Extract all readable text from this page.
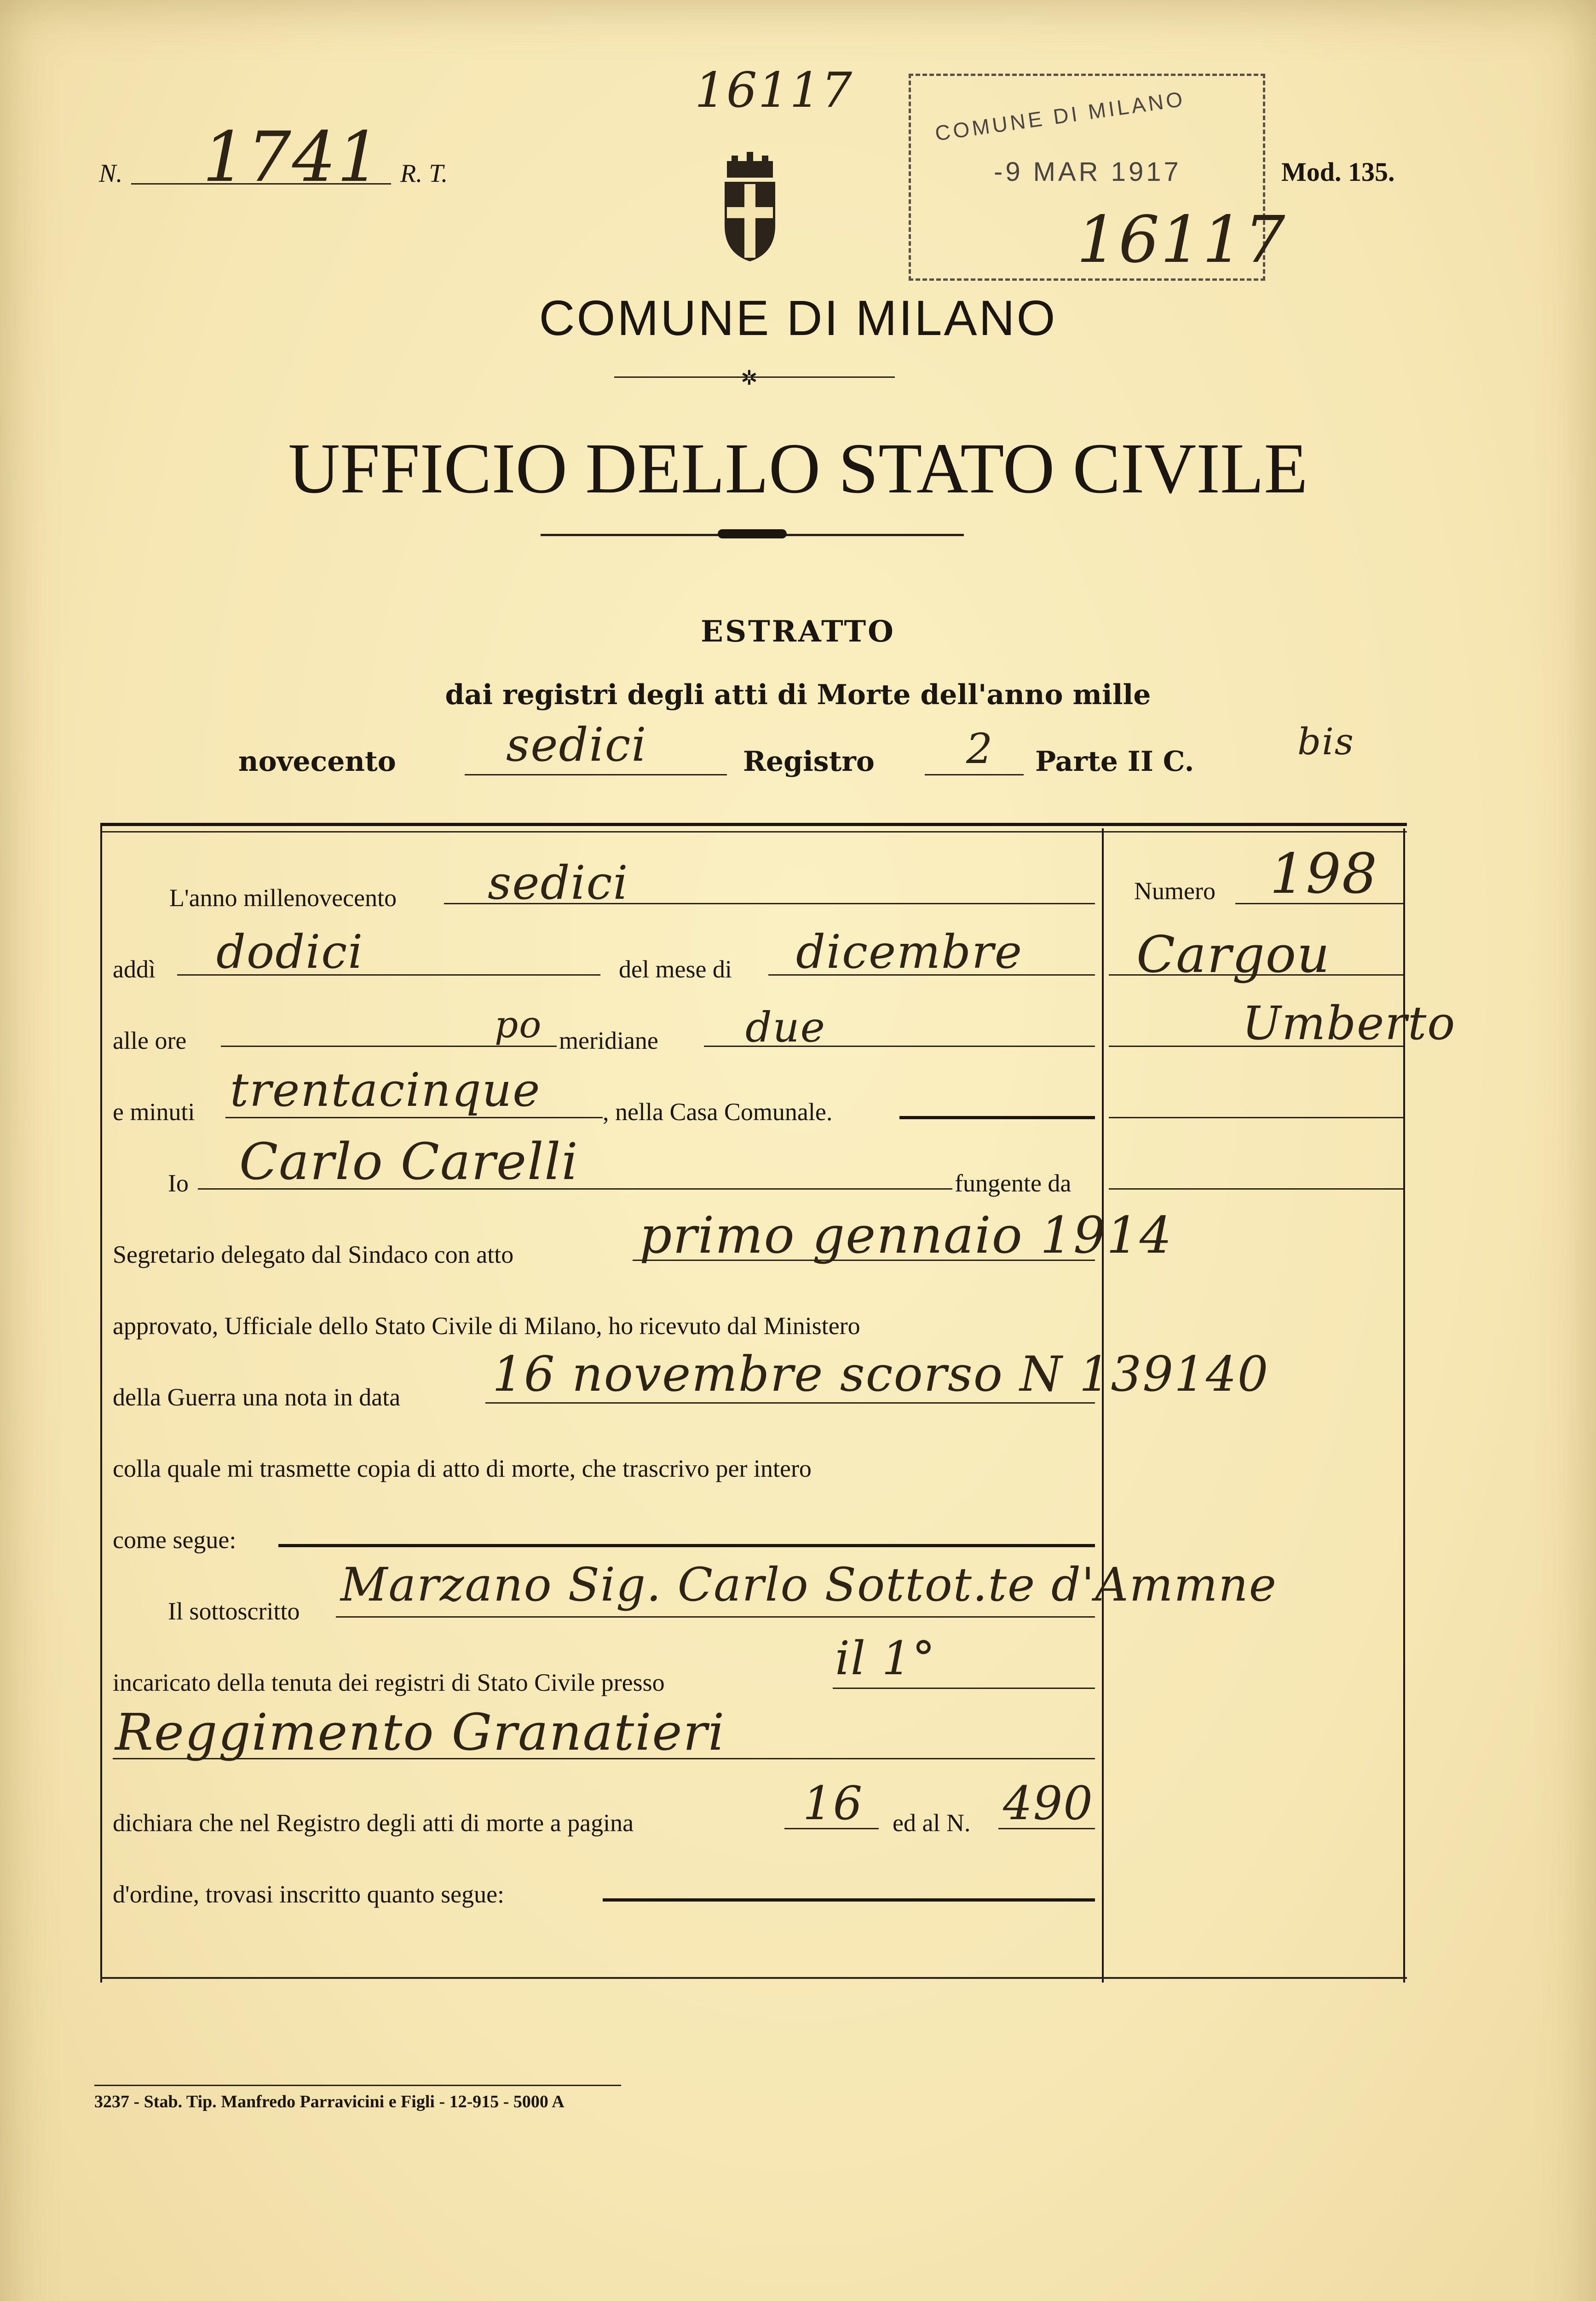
N. 1741 R. T.
16117	COMUNE DI MILANO
-9 MAR 1917
16117
Mod. 135.
COMUNE DI MILANO
✲
UFFICIO DELLO STATO CIVILE
ESTRATTO
dai registri degli atti di Morte dell'anno mille
novecento sedici	Registro 2 Parte II C.	bis
L'anno millenovecento sedici
addì dodici	del mese di dicembre
alle ore	po meridiane due
e minuti trentacinque , nella Casa Comunale.
Io Carlo Carelli	fungente da
Segretario delegato dal Sindaco con atto primo gennaio 1914
approvato, Ufficiale dello Stato Civile di Milano, ho ricevuto dal Ministero
della Guerra una nota in data 16 novembre scorso N 139140
colla quale mi trasmette copia di atto di morte, che trascrivo per intero
come segue:
Il sottoscritto Marzano Sig. Carlo Sottot.te d'Ammne
incaricato della tenuta dei registri di Stato Civile presso	il 1°
Reggimento Granatieri
dichiara che nel Registro degli atti di morte a pagina	16 ed al N. 490
d'ordine, trovasi inscritto quanto segue:
Numero 198
Cargou
Umberto
3237 - Stab. Tip. Manfredo Parravicini e Figli - 12-915 - 5000 A
